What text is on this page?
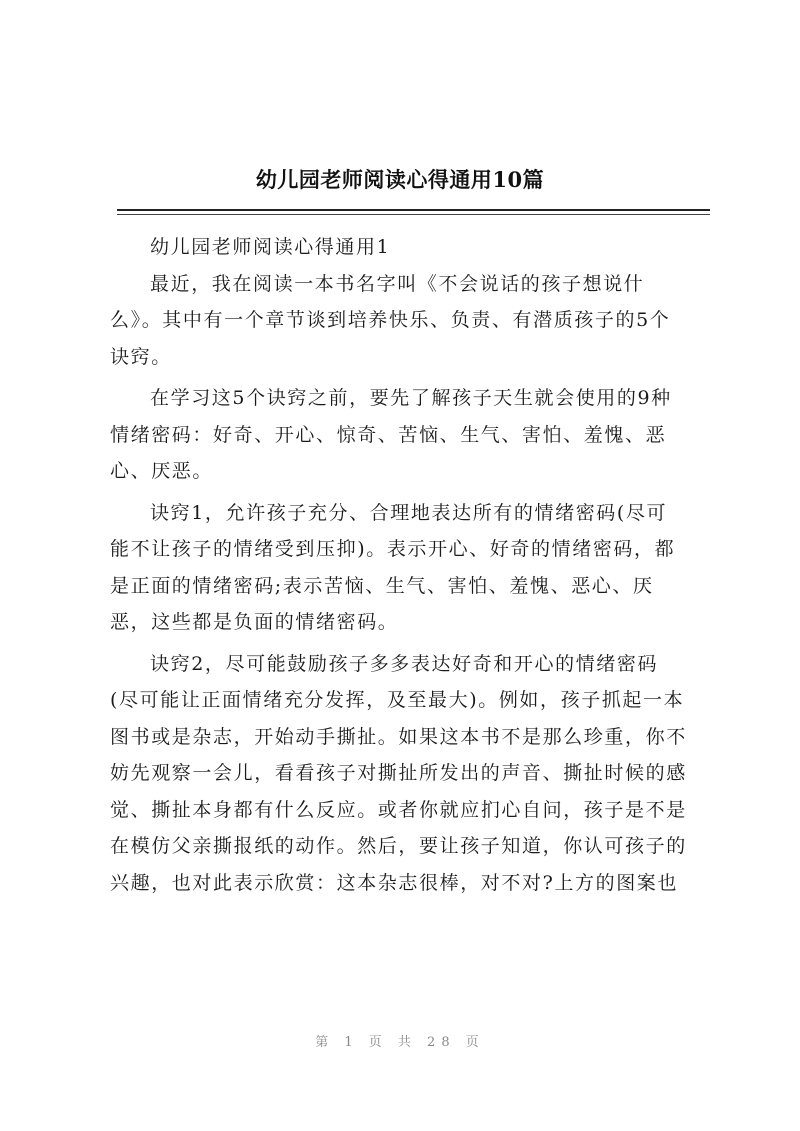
幼儿园老师阅读心得通用10篇
幼儿园老师阅读心得通用1
最近，我在阅读一本书名字叫《不会说话的孩子想说什
么》。其中有一个章节谈到培养快乐、负责、有潜质孩子的5个
诀窍。
在学习这5个诀窍之前，要先了解孩子天生就会使用的9种
情绪密码：好奇、开心、惊奇、苦恼、生气、害怕、羞愧、恶
心、厌恶。
诀窍1，允许孩子充分、合理地表达所有的情绪密码(尽可
能不让孩子的情绪受到压抑)。表示开心、好奇的情绪密码，都
是正面的情绪密码;表示苦恼、生气、害怕、羞愧、恶心、厌
恶，这些都是负面的情绪密码。
诀窍2，尽可能鼓励孩子多多表达好奇和开心的情绪密码
(尽可能让正面情绪充分发挥，及至最大)。例如，孩子抓起一本
图书或是杂志，开始动手撕扯。如果这本书不是那么珍重，你不
妨先观察一会儿，看看孩子对撕扯所发出的声音、撕扯时候的感
觉、撕扯本身都有什么反应。或者你就应扪心自问，孩子是不是
在模仿父亲撕报纸的动作。然后，要让孩子知道，你认可孩子的
兴趣，也对此表示欣赏：这本杂志很棒，对不对?上方的图案也
第 1 页 共 28 页
